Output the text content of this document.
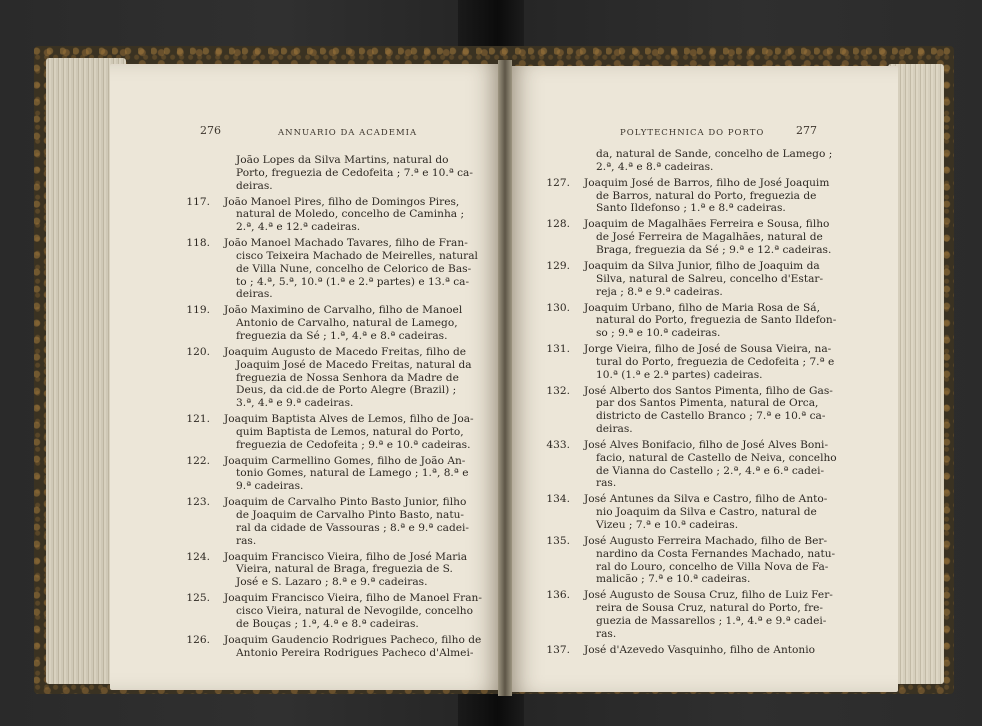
276	ANNUARIO DA ACADEMIA	POLYTECHNICA DO PORTO	277
João Lopes da Silva Martins, natural do
Porto, freguezia de Cedofeita ; 7.ª e 10.ª ca-
deiras.
117.	João Manoel Pires, filho de Domingos Pires,
natural de Moledo, concelho de Caminha ;
2.ª, 4.ª e 12.ª cadeiras.
118.	João Manoel Machado Tavares, filho de Fran-
cisco Teixeira Machado de Meirelles, natural
de Villa Nune, concelho de Celorico de Bas-
to ; 4.ª, 5.ª, 10.ª (1.ª e 2.ª partes) e 13.ª ca-
deiras.
119.	João Maximino de Carvalho, filho de Manoel
Antonio de Carvalho, natural de Lamego,
freguezia da Sé ; 1.ª, 4.ª e 8.ª cadeiras.
120.	Joaquim Augusto de Macedo Freitas, filho de
Joaquim José de Macedo Freitas, natural da
freguezia de Nossa Senhora da Madre de
Deus, da cid.de de Porto Alegre (Brazil) ;
3.ª, 4.ª e 9.ª cadeiras.
121.	Joaquim Baptista Alves de Lemos, filho de Joa-
quim Baptista de Lemos, natural do Porto,
freguezia de Cedofeita ; 9.ª e 10.ª cadeiras.
122.	Joaquim Carmellino Gomes, filho de João An-
tonio Gomes, natural de Lamego ; 1.ª, 8.ª e
9.ª cadeiras.
123.	Joaquim de Carvalho Pinto Basto Junior, filho
de Joaquim de Carvalho Pinto Basto, natu-
ral da cidade de Vassouras ; 8.ª e 9.ª cadei-
ras.
124.	Joaquim Francisco Vieira, filho de José Maria
Vieira, natural de Braga, freguezia de S.
José e S. Lazaro ; 8.ª e 9.ª cadeiras.
125.	Joaquim Francisco Vieira, filho de Manoel Fran-
cisco Vieira, natural de Nevogilde, concelho
de Bouças ; 1.ª, 4.ª e 8.ª cadeiras.
126.	Joaquim Gaudencio Rodrigues Pacheco, filho de
Antonio Pereira Rodrigues Pacheco d'Almei-
da, natural de Sande, concelho de Lamego ;
2.ª, 4.ª e 8.ª cadeiras.
127.	Joaquim José de Barros, filho de José Joaquim
de Barros, natural do Porto, freguezia de
Santo Ildefonso ; 1.ª e 8.ª cadeiras.
128.	Joaquim de Magalhães Ferreira e Sousa, filho
de José Ferreira de Magalhães, natural de
Braga, freguezia da Sé ; 9.ª e 12.ª cadeiras.
129.	Joaquim da Silva Junior, filho de Joaquim da
Silva, natural de Salreu, concelho d'Estar-
reja ; 8.ª e 9.ª cadeiras.
130.	Joaquim Urbano, filho de Maria Rosa de Sá,
natural do Porto, freguezia de Santo Ildefon-
so ; 9.ª e 10.ª cadeiras.
131.	Jorge Vieira, filho de José de Sousa Vieira, na-
tural do Porto, freguezia de Cedofeita ; 7.ª e
10.ª (1.ª e 2.ª partes) cadeiras.
132.	José Alberto dos Santos Pimenta, filho de Gas-
par dos Santos Pimenta, natural de Orca,
districto de Castello Branco ; 7.ª e 10.ª ca-
deiras.
433.	José Alves Bonifacio, filho de José Alves Boni-
facio, natural de Castello de Neiva, concelho
de Vianna do Castello ; 2.ª, 4.ª e 6.ª cadei-
ras.
134.	José Antunes da Silva e Castro, filho de Anto-
nio Joaquim da Silva e Castro, natural de
Vizeu ; 7.ª e 10.ª cadeiras.
135.	José Augusto Ferreira Machado, filho de Ber-
nardino da Costa Fernandes Machado, natu-
ral do Louro, concelho de Villa Nova de Fa-
malicão ; 7.ª e 10.ª cadeiras.
136.	José Augusto de Sousa Cruz, filho de Luiz Fer-
reira de Sousa Cruz, natural do Porto, fre-
guezia de Massarellos ; 1.ª, 4.ª e 9.ª cadei-
ras.
137.	José d'Azevedo Vasquinho, filho de Antonio
